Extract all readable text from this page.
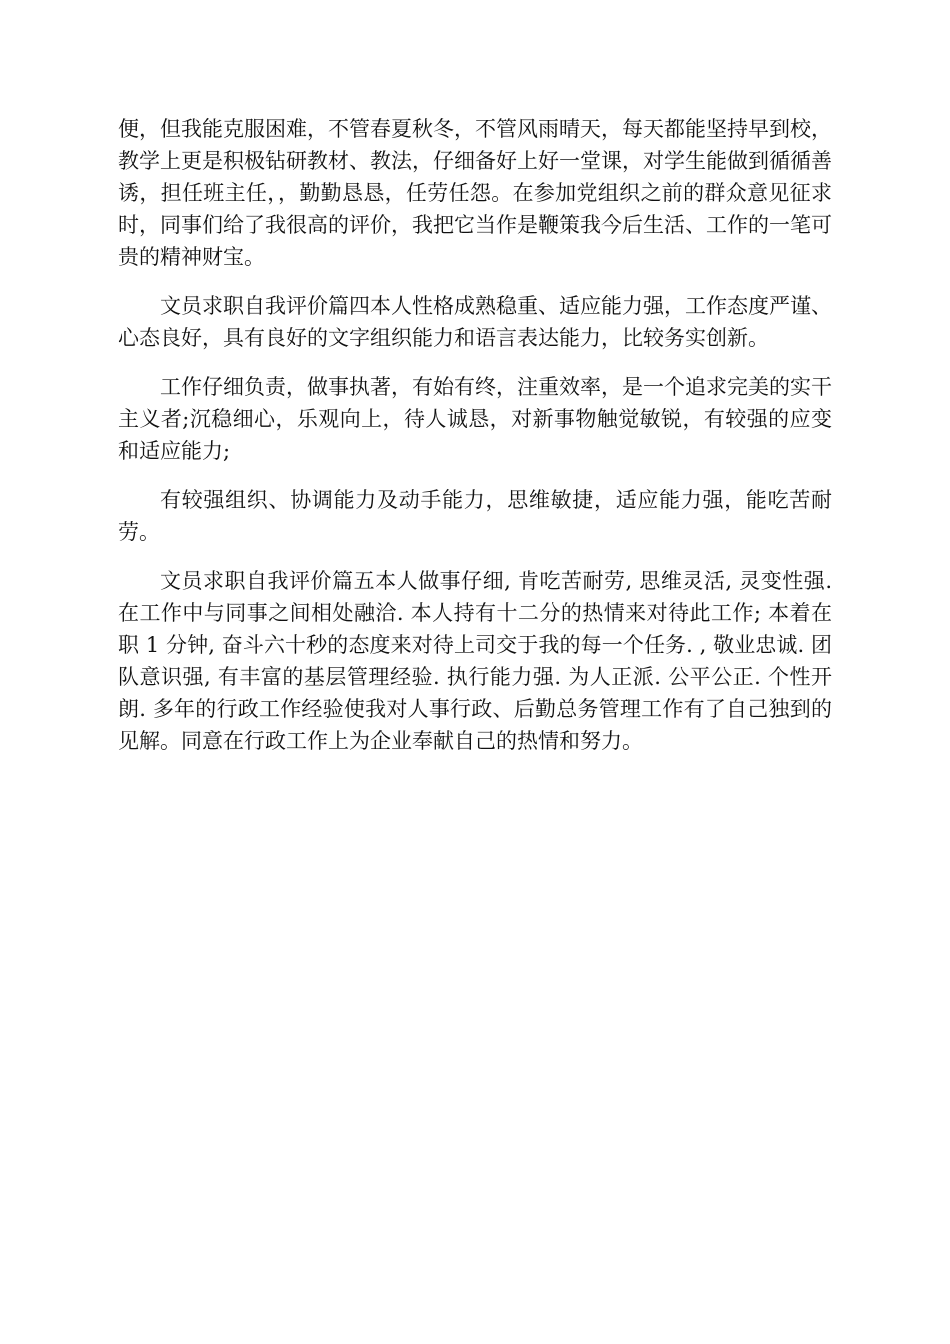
便，但我能克服困难，不管春夏秋冬，不管风雨晴天，每天都能坚持早到校，教学上更是积极钻研教材、教法，仔细备好上好一堂课，对学生能做到循循善诱，担任班主任，，勤勤恳恳，任劳任怨。在参加党组织之前的群众意见征求时，同事们给了我很高的评价，我把它当作是鞭策我今后生活、工作的一笔可贵的精神财宝。

文员求职自我评价篇四本人性格成熟稳重、适应能力强，工作态度严谨、心态良好，具有良好的文字组织能力和语言表达能力，比较务实创新。

工作仔细负责，做事执著，有始有终，注重效率，是一个追求完美的实干主义者;沉稳细心，乐观向上，待人诚恳，对新事物触觉敏锐，有较强的应变和适应能力;

有较强组织、协调能力及动手能力，思维敏捷，适应能力强，能吃苦耐劳。

文员求职自我评价篇五本人做事仔细, 肯吃苦耐劳, 思维灵活, 灵变性强. 在工作中与同事之间相处融洽. 本人持有十二分的热情来对待此工作; 本着在职 1 分钟, 奋斗六十秒的态度来对待上司交于我的每一个任务. , 敬业忠诚. 团队意识强, 有丰富的基层管理经验. 执行能力强. 为人正派. 公平公正. 个性开朗. 多年的行政工作经验使我对人事行政、后勤总务管理工作有了自己独到的见解。同意在行政工作上为企业奉献自己的热情和努力。
